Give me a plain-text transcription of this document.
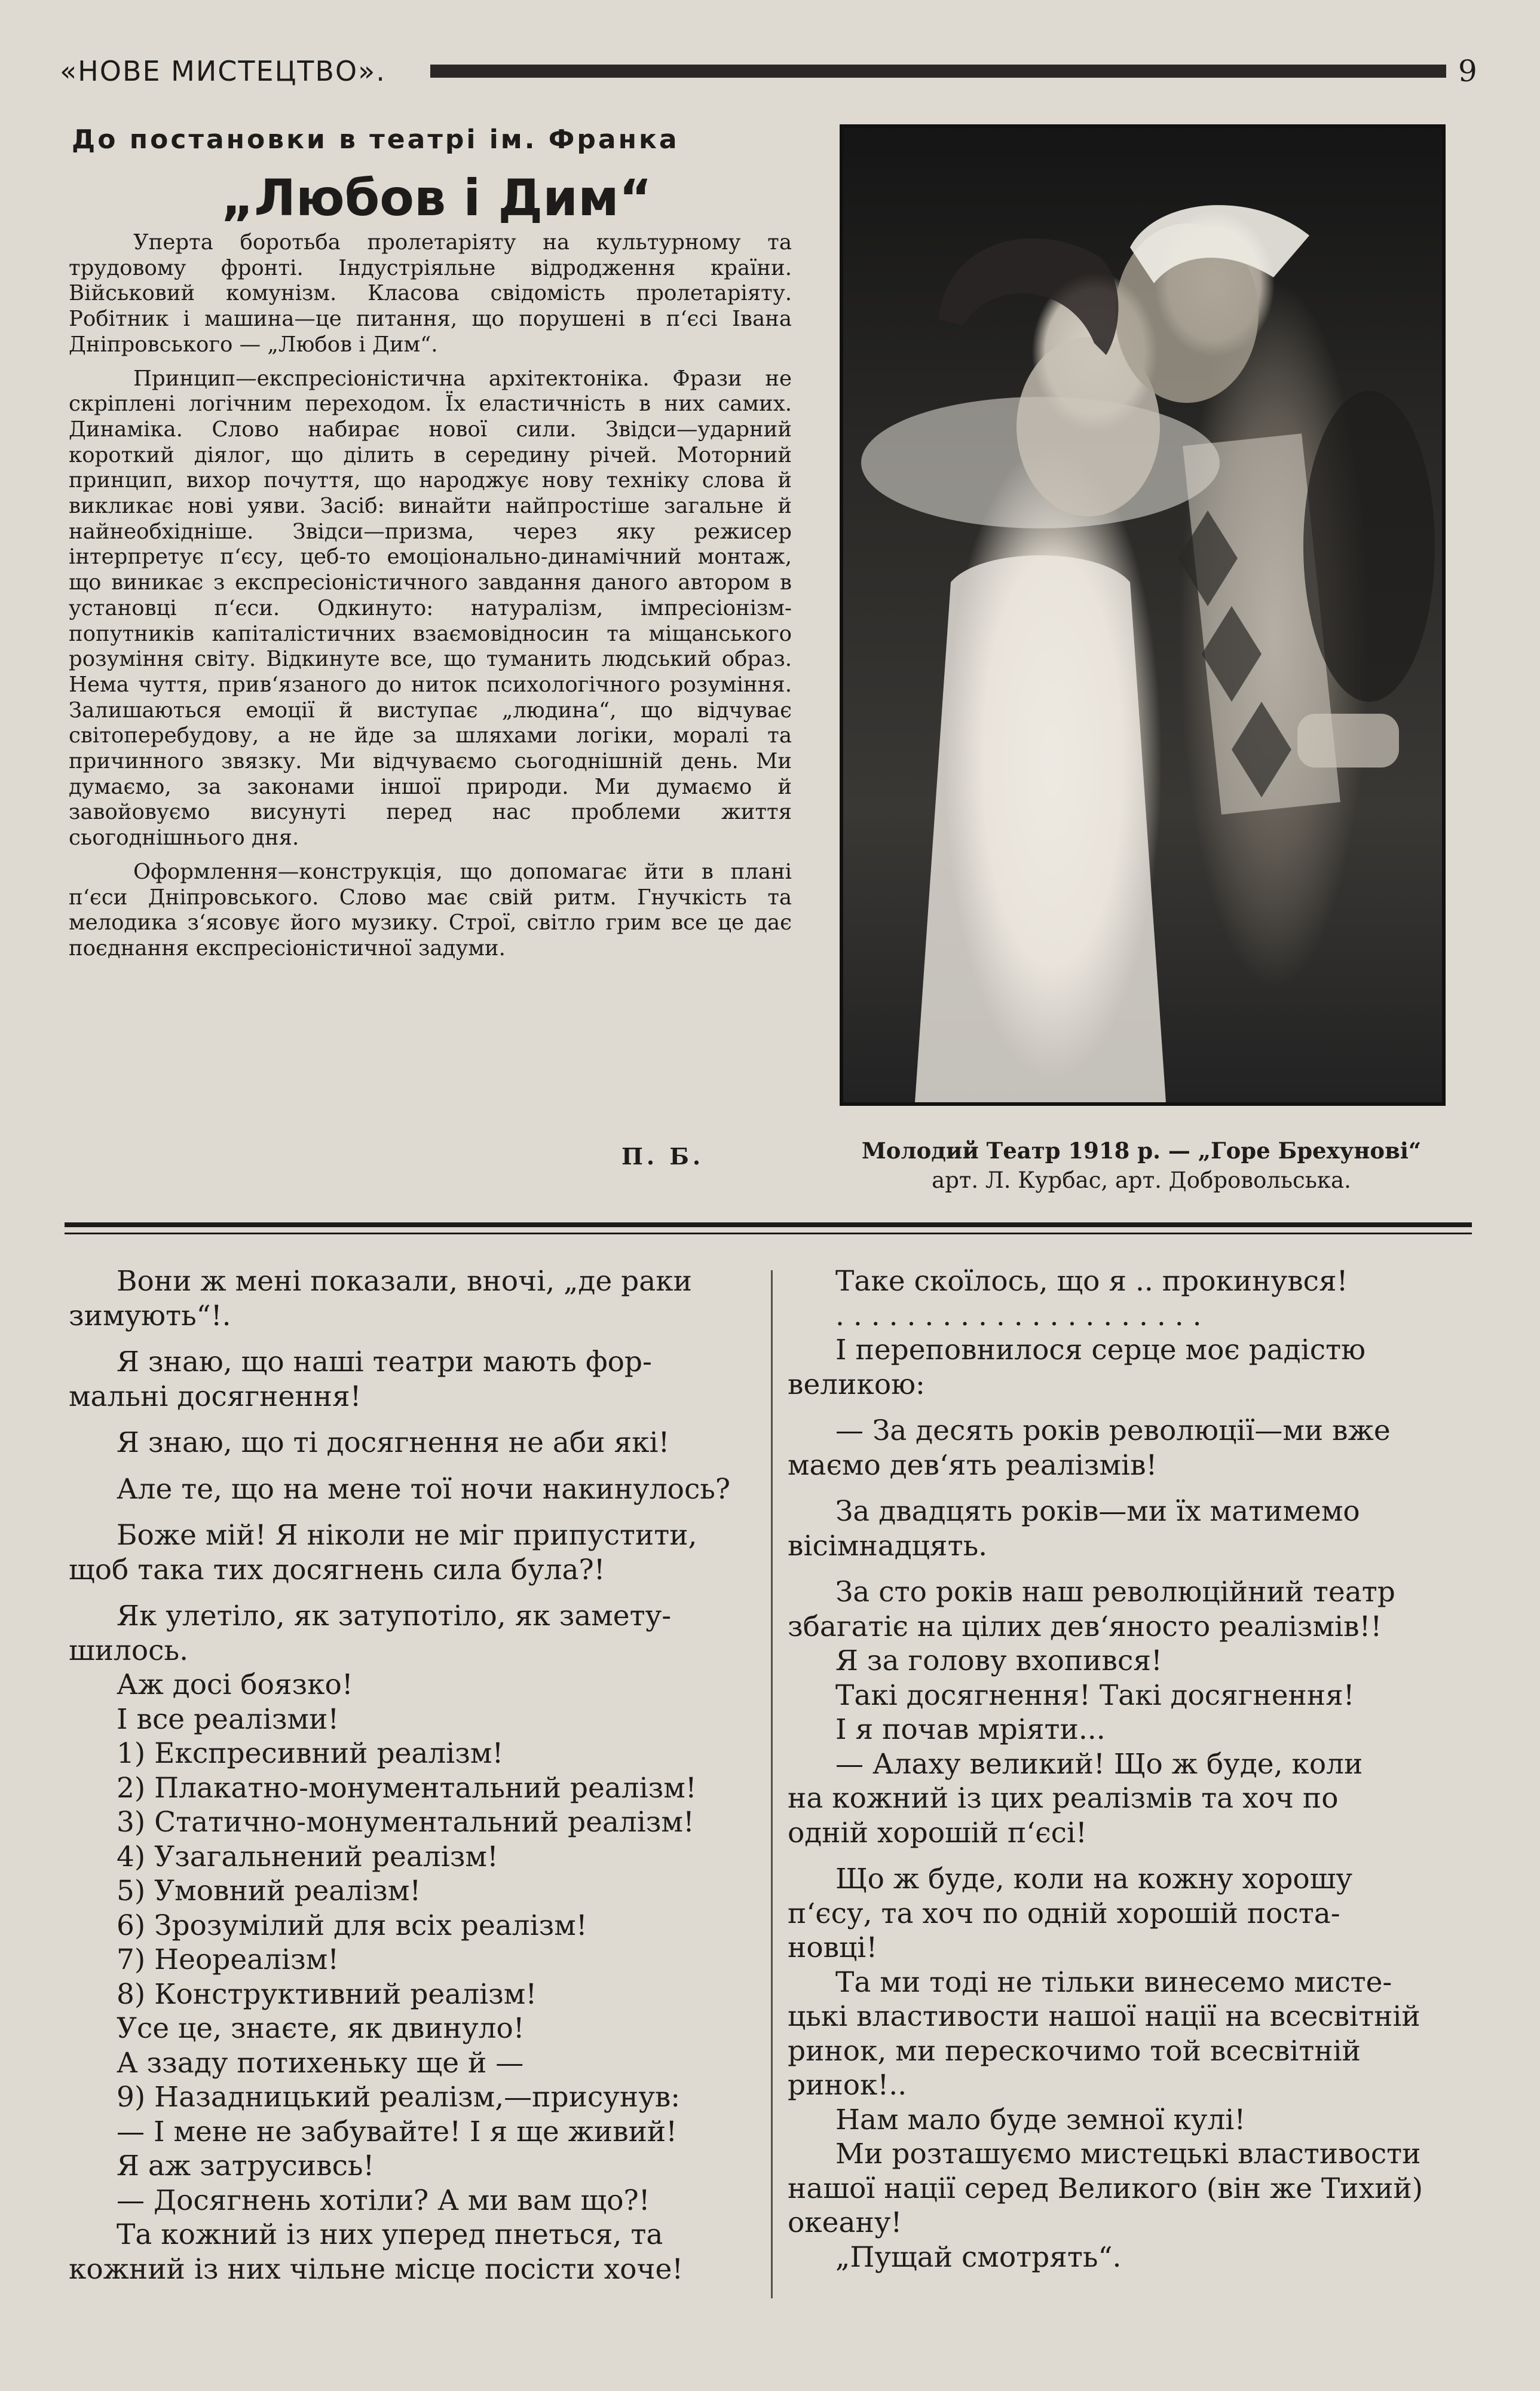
«НОВЕ МИСТЕЦТВО».	9
До постановки в театрі ім. Франка
„Любов і Дим“

Уперта боротьба пролетаріяту на культурному та трудовому фронті. Індустріяльне відродження країни. Військовий комунізм. Класова свідомість пролетаріяту. Робітник і машина—це питання, що порушені в п‘єсі Івана Дніпровського — „Любов і Дим“.

Принцип—експресіоністична архітектоніка. Фрази не скріплені логічним переходом. Їх еластичність в них самих. Динаміка. Слово набирає нової сили. Звідси—ударний короткий діялог, що ділить в середину річей. Моторний принцип, вихор почуття, що народжує нову техніку слова й викликає нові уяви. Засіб: винайти найпростіше загальне й найнеобхідніше. Звідси—призма, через яку режисер інтерпретує п‘єсу, цеб-то емоціонально-динамічний монтаж, що виникає з експресіоністичного завдання даного автором в установці п‘єси. Одкинуто: натуралізм, імпресіонізм-попутників капіталістичних взаємовідносин та міщанського розуміння світу. Відкинуте все, що туманить людський образ. Нема чуття, прив‘язаного до ниток психологічного розуміння. Залишаються емоції й виступає „людина“, що відчуває світоперебудову, а не йде за шляхами логіки, моралі та причинного звязку. Ми відчуваємо сьогоднішній день. Ми думаємо, за законами іншої природи. Ми думаємо й завойовуємо висунуті перед нас проблеми життя сьогоднішнього дня.

Оформлення—конструкція, що допомагає йти в плані п‘єси Дніпровського. Слово має свій ритм. Гнучкість та мелодика з‘ясовує його музику. Строї, світло грим все це дає поєднання експресіоністичної задуми.

П. Б.	Молодий Театр 1918 р. — „Горе Брехунові“
арт. Л. Курбас, арт. Добровольська.
Вони ж мені показали, вночі, „де раки
зимують“!.
Я знаю, що наші театри мають фор-
мальні досягнення!
Я знаю, що ті досягнення не аби які!
Але те, що на мене тої ночи накинулось?
Боже мій! Я ніколи не міг припустити,
щоб така тих досягнень сила була?!
Як улетіло, як затупотіло, як замету-
шилось.
Аж досі боязко!
І все реалізми!
1) Експресивний реалізм!
2) Плакатно-монументальний реалізм!
3) Статично-монументальний реалізм!
4) Узагальнений реалізм!
5) Умовний реалізм!
6) Зрозумілий для всіх реалізм!
7) Неореалізм!
8) Конструктивний реалізм!
Усе це, знаєте, як двинуло!
А ззаду потихеньку ще й —
9) Назадницький реалізм,—присунув:
— І мене не забувайте! І я ще живий!
Я аж затрусивсь!
— Досягнень хотіли? А ми вам що?!
Та кожний із них уперед пнеться, та
кожний із них чільне місце посісти хоче!
Таке скоїлось, що я .. прокинувся!
. . . . . . . . . . . . . . . . . . . . .
І переповнилося серце моє радістю
великою:
— За десять років революції—ми вже
маємо дев‘ять реалізмів!
За двадцять років—ми їх матимемо
вісімнадцять.
За сто років наш революційний театр
збагатіє на цілих дев‘яносто реалізмів!!
Я за голову вхопився!
Такі досягнення! Такі досягнення!
І я почав мріяти...
— Алаху великий! Що ж буде, коли
на кожний із цих реалізмів та хоч по
одній хорошій п‘єсі!
Що ж буде, коли на кожну хорошу
п‘єсу, та хоч по одній хорошій поста-
новці!
Та ми тоді не тільки винесемо мисте-
цькі властивости нашої нації на всесвітній
ринок, ми перескочимо той всесвітній
ринок!..
Нам мало буде земної кулі!
Ми розташуємо мистецькі властивости
нашої нації серед Великого (він же Тихий)
океану!
„Пущай смотрять“.
